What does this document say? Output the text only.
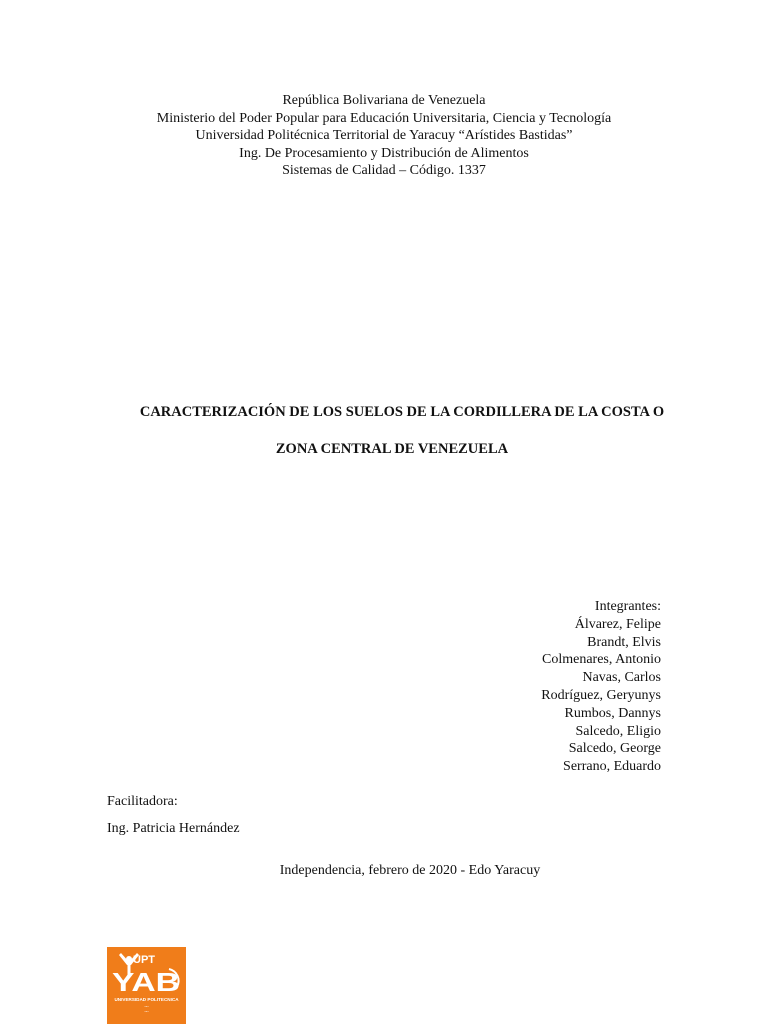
República Bolivariana de Venezuela
Ministerio del Poder Popular para Educación Universitaria, Ciencia y Tecnología
Universidad Politécnica Territorial de Yaracuy “Arístides Bastidas”
Ing. De Procesamiento y Distribución de Alimentos
Sistemas de Calidad – Código. 1337
CARACTERIZACIÓN DE LOS SUELOS DE LA CORDILLERA DE LA COSTA O
ZONA CENTRAL DE VENEZUELA
Integrantes:
Álvarez, Felipe
Brandt, Elvis
Colmenares, Antonio
Navas, Carlos
Rodríguez, Geryunys
Rumbos, Dannys
Salcedo, Eligio
Salcedo, George
Serrano, Eduardo
Facilitadora:
Ing. Patricia Hernández
Independencia, febrero de 2020 - Edo Yaracuy
UPT
YAB
UNIVERSIDAD POLITECNICA
…
…
